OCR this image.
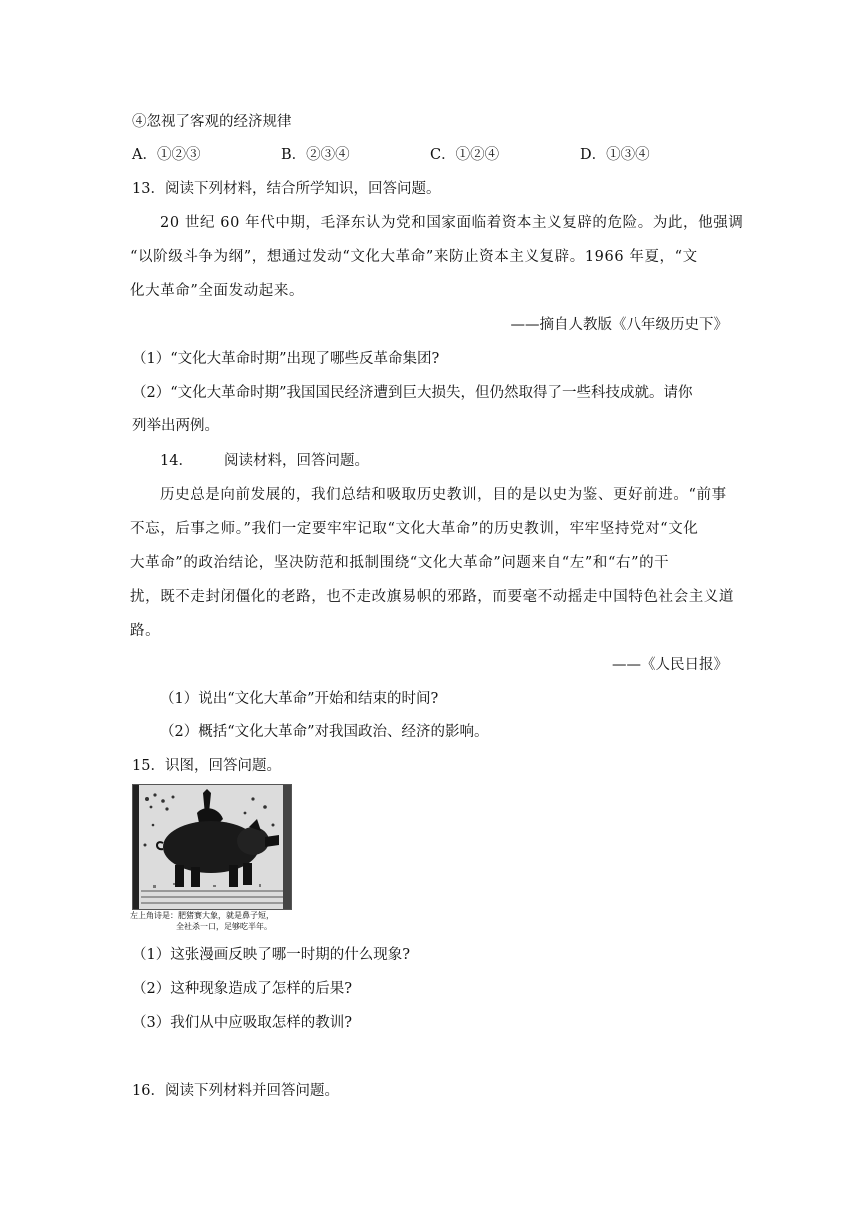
④忽视了客观的经济规律
A．①②③	B．②③④	C．①②④	D．①③④
13．阅读下列材料，结合所学知识，回答问题。
20 世纪 60 年代中期，毛泽东认为党和国家面临着资本主义复辟的危险。为此，他强调
“以阶级斗争为纲”，想通过发动“文化大革命”来防止资本主义复辟。1966 年夏，“文
化大革命”全面发动起来。
——摘自人教版《八年级历史下》
（1）“文化大革命时期”出现了哪些反革命集团?
（2）“文化大革命时期”我国国民经济遭到巨大损失，但仍然取得了一些科技成就。请你
列举出两例。
14． 阅读材料，回答问题。
历史总是向前发展的，我们总结和吸取历史教训，目的是以史为鉴、更好前进。“前事
不忘，后事之师。”我们一定要牢牢记取“文化大革命”的历史教训，牢牢坚持党对“文化
大革命”的政治结论，坚决防范和抵制围绕“文化大革命”问题来自“左”和“右”的干
扰，既不走封闭僵化的老路，也不走改旗易帜的邪路，而要毫不动摇走中国特色社会主义道
路。
——《人民日报》
（1）说出“文化大革命”开始和结束的时间?
（2）概括“文化大革命”对我国政治、经济的影响。
15．识图，回答问题。
左上角诗是：肥猪赛大象，就是鼻子短，
全社杀一口，足够吃半年。
（1）这张漫画反映了哪一时期的什么现象?
（2）这种现象造成了怎样的后果?
（3）我们从中应吸取怎样的教训?
16．阅读下列材料并回答问题。
